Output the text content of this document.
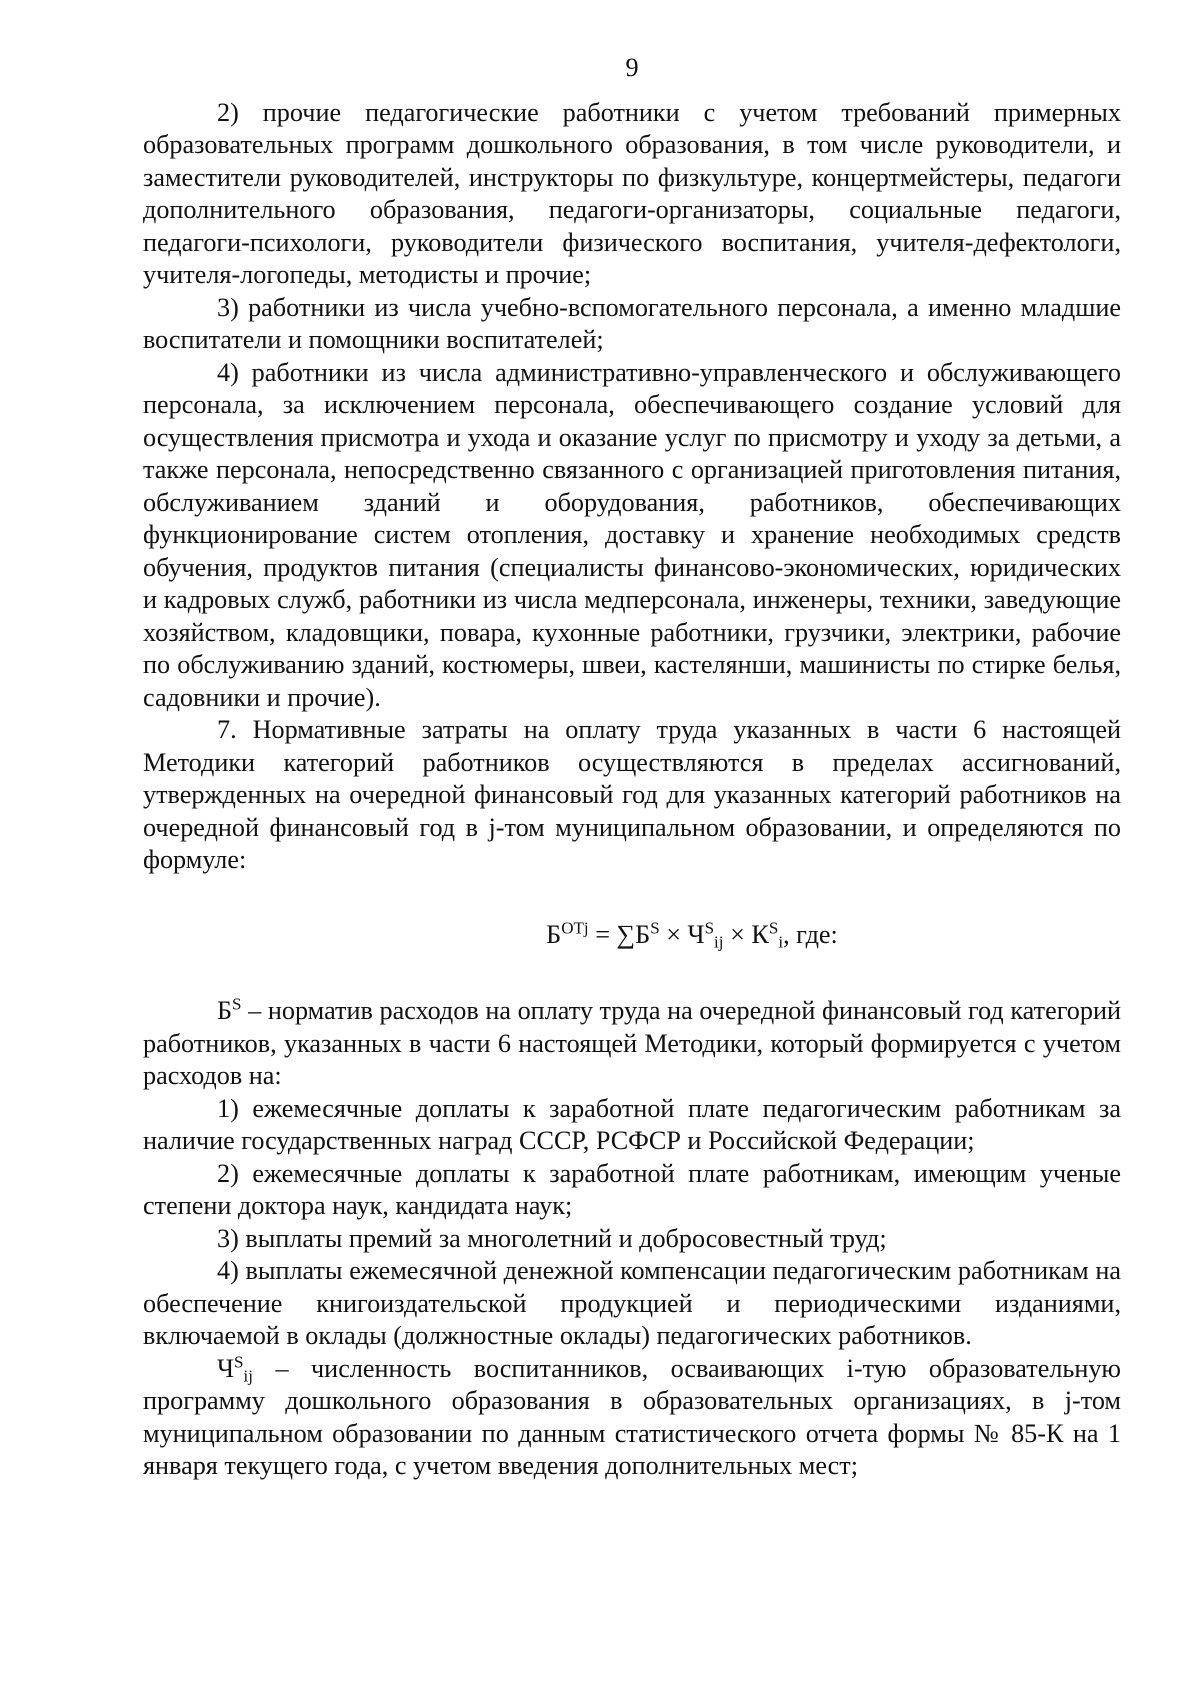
9

2) прочие педагогические работники с учетом требований примерных образовательных программ дошкольного образования, в том числе руководители, и заместители руководителей, инструкторы по физкультуре, концертмейстеры, педагоги дополнительного образования, педагоги-организаторы, социальные педагоги, педагоги-психологи, руководители физического воспитания, учителя-дефектологи, учителя-логопеды, методисты и прочие;

3) работники из числа учебно-вспомогательного персонала, а именно младшие воспитатели и помощники воспитателей;

4) работники из числа административно-управленческого и обслуживающего персонала, за исключением персонала, обеспечивающего создание условий для осуществления присмотра и ухода и оказание услуг по присмотру и уходу за детьми, а также персонала, непосредственно связанного с организацией приготовления питания, обслуживанием зданий и оборудования, работников, обеспечивающих функционирование систем отопления, доставку и хранение необходимых средств обучения, продуктов питания (специалисты финансово-экономических, юридических и кадровых служб, работники из числа медперсонала, инженеры, техники, заведующие хозяйством, кладовщики, повара, кухонные работники, грузчики, электрики, рабочие по обслуживанию зданий, костюмеры, швеи, кастелянши, машинисты по стирке белья, садовники и прочие).

7. Нормативные затраты на оплату труда указанных в части 6 настоящей Методики категорий работников осуществляются в пределах ассигнований, утвержденных на очередной финансовый год для указанных категорий работников на очередной финансовый год в j-том муниципальном образовании, и определяются по формуле:

$Б^{OTj} = \sum Б^S \times Ч^S_{ij} \times К^S_i$, где:

$Б^S$ – норматив расходов на оплату труда на очередной финансовый год категорий работников, указанных в части 6 настоящей Методики, который формируется с учетом расходов на:

1) ежемесячные доплаты к заработной плате педагогическим работникам за наличие государственных наград СССР, РСФСР и Российской Федерации;

2) ежемесячные доплаты к заработной плате работникам, имеющим ученые степени доктора наук, кандидата наук;

3) выплаты премий за многолетний и добросовестный труд;

4) выплаты ежемесячной денежной компенсации педагогическим работникам на обеспечение книгоиздательской продукцией и периодическими изданиями, включаемой в оклады (должностные оклады) педагогических работников.

$Ч^S_{ij}$ – численность воспитанников, осваивающих i-тую образовательную программу дошкольного образования в образовательных организациях, в j-том муниципальном образовании по данным статистического отчета формы № 85-К на 1 января текущего года, с учетом введения дополнительных мест;
